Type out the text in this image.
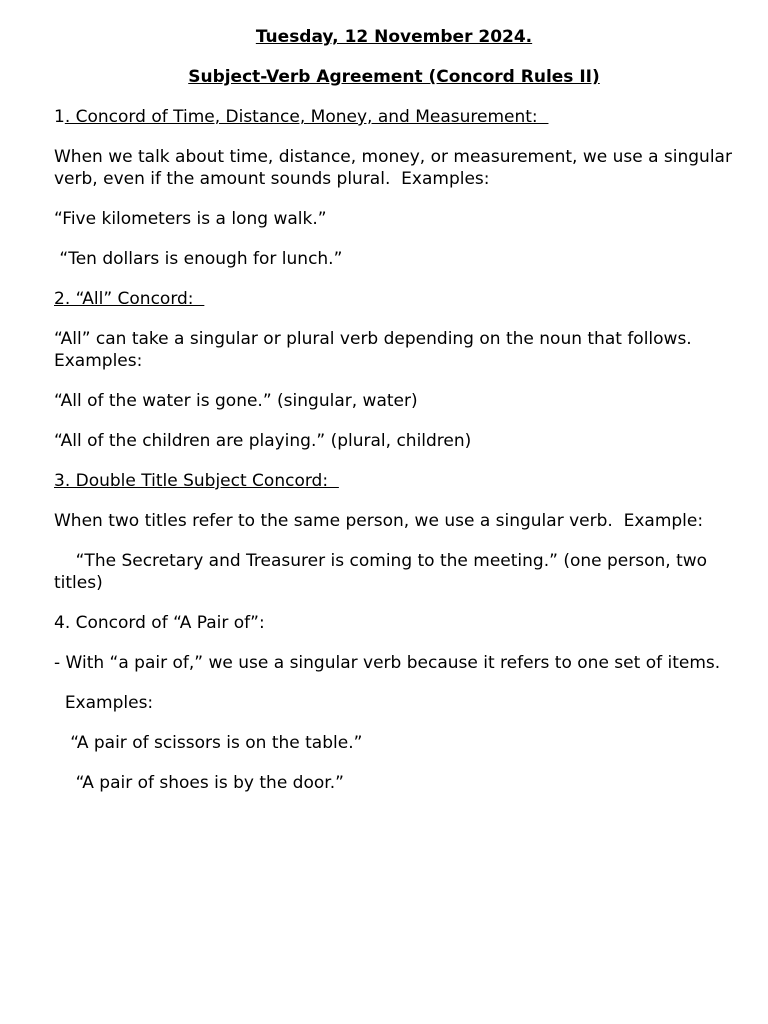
Tuesday, 12 November 2024.

Subject-Verb Agreement (Concord Rules II)

1. Concord of Time, Distance, Money, and Measurement:

When we talk about time, distance, money, or measurement, we use a singular verb, even if the amount sounds plural.  Examples:

“Five kilometers is a long walk.”

“Ten dollars is enough for lunch.”

2. “All” Concord:

“All” can take a singular or plural verb depending on the noun that follows. Examples:

“All of the water is gone.” (singular, water)

“All of the children are playing.” (plural, children)

3. Double Title Subject Concord:

When two titles refer to the same person, we use a singular verb.  Example:

“The Secretary and Treasurer is coming to the meeting.” (one person, two titles)

4. Concord of “A Pair of”:

- With “a pair of,” we use a singular verb because it refers to one set of items.

Examples:

“A pair of scissors is on the table.”

“A pair of shoes is by the door.”
